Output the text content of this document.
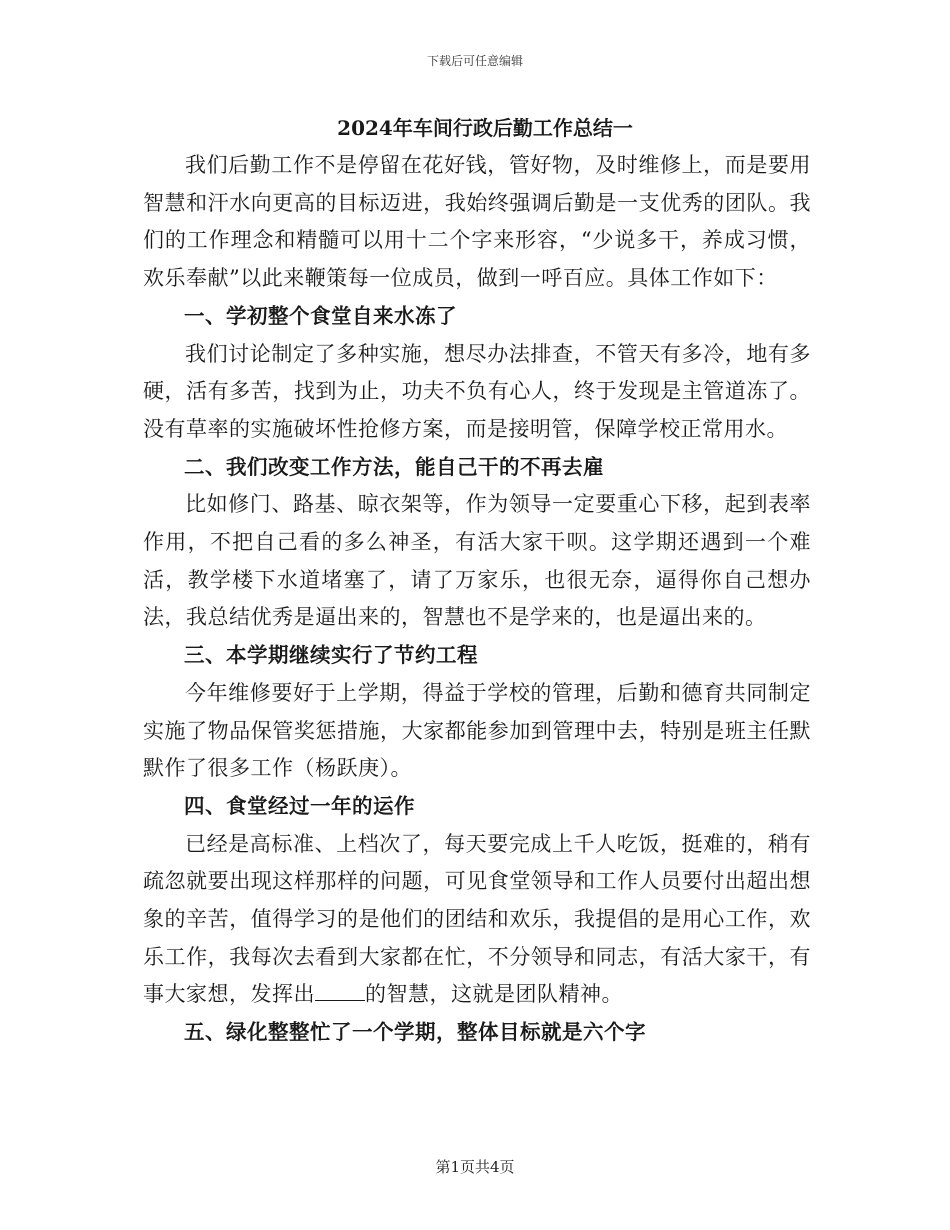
下载后可任意编辑
2024年车间行政后勤工作总结一

我们后勤工作不是停留在花好钱，管好物，及时维修上，而是要用智慧和汗水向更高的目标迈进，我始终强调后勤是一支优秀的团队。我们的工作理念和精髓可以用十二个字来形容，“少说多干，养成习惯，欢乐奉献”以此来鞭策每一位成员，做到一呼百应。具体工作如下：

一、学初整个食堂自来水冻了

我们讨论制定了多种实施，想尽办法排查，不管天有多冷，地有多硬，活有多苦，找到为止，功夫不负有心人，终于发现是主管道冻了。没有草率的实施破坏性抢修方案，而是接明管，保障学校正常用水。

二、我们改变工作方法，能自己干的不再去雇

比如修门、路基、晾衣架等，作为领导一定要重心下移，起到表率作用，不把自己看的多么神圣，有活大家干呗。这学期还遇到一个难活，教学楼下水道堵塞了，请了万家乐，也很无奈，逼得你自己想办法，我总结优秀是逼出来的，智慧也不是学来的，也是逼出来的。

三、本学期继续实行了节约工程

今年维修要好于上学期，得益于学校的管理，后勤和德育共同制定实施了物品保管奖惩措施，大家都能参加到管理中去，特别是班主任默默作了很多工作（杨跃庚）。

四、食堂经过一年的运作

已经是高标准、上档次了，每天要完成上千人吃饭，挺难的，稍有疏忽就要出现这样那样的问题，可见食堂领导和工作人员要付出超出想象的辛苦，值得学习的是他们的团结和欢乐，我提倡的是用心工作，欢乐工作，我每次去看到大家都在忙，不分领导和同志，有活大家干，有事大家想，发挥出 的智慧，这就是团队精神。

五、绿化整整忙了一个学期，整体目标就是六个字

第1页共4页
